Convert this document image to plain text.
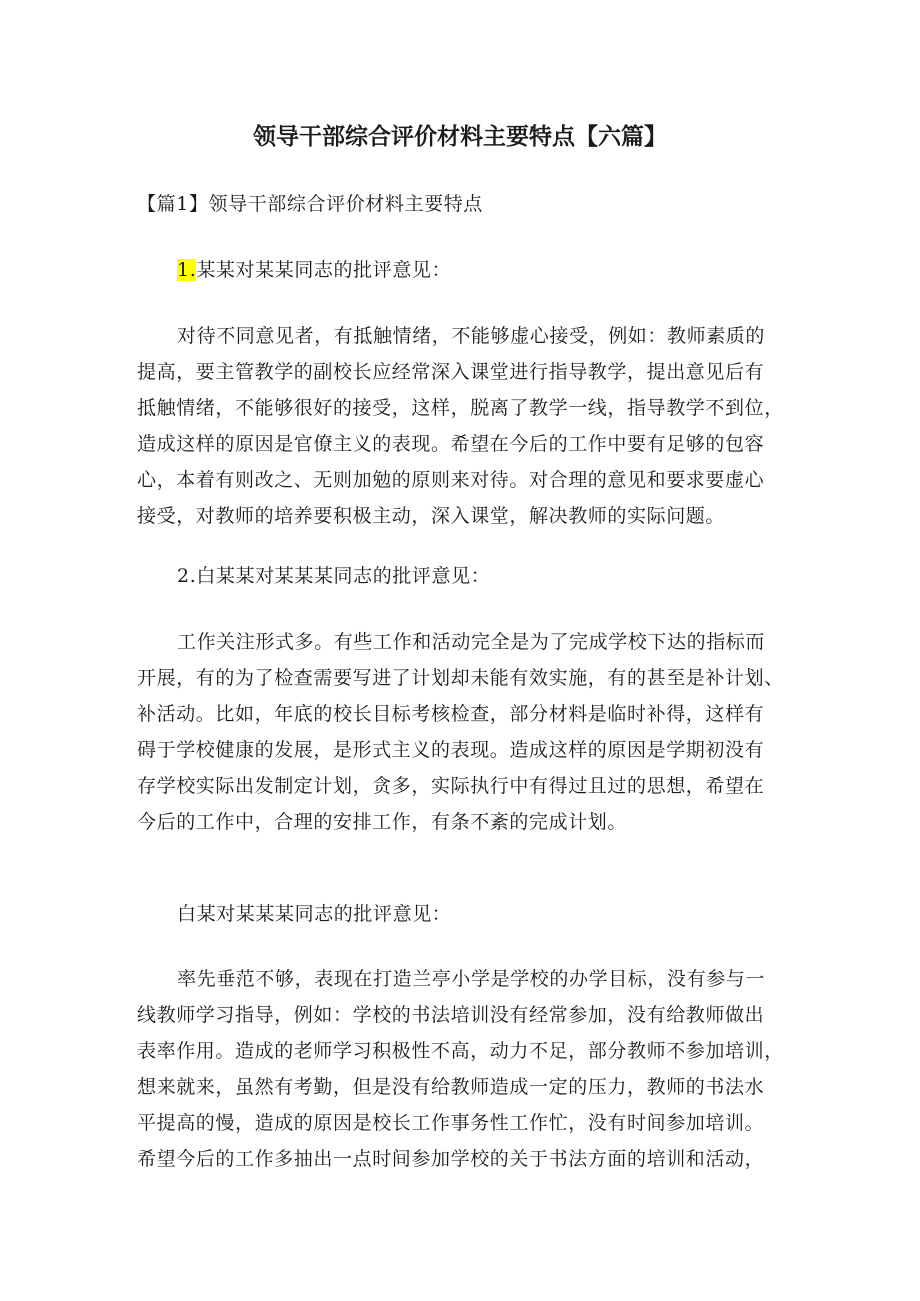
领导干部综合评价材料主要特点【六篇】
【篇1】领导干部综合评价材料主要特点
1.某某对某某同志的批评意见：
对待不同意见者，有抵触情绪，不能够虚心接受，例如：教师素质的
提高，要主管教学的副校长应经常深入课堂进行指导教学，提出意见后有
抵触情绪，不能够很好的接受，这样，脱离了教学一线，指导教学不到位，
造成这样的原因是官僚主义的表现。希望在今后的工作中要有足够的包容
心，本着有则改之、无则加勉的原则来对待。对合理的意见和要求要虚心
接受，对教师的培养要积极主动，深入课堂，解决教师的实际问题。
2.白某某对某某某同志的批评意见：
工作关注形式多。有些工作和活动完全是为了完成学校下达的指标而
开展，有的为了检查需要写进了计划却未能有效实施，有的甚至是补计划、
补活动。比如，年底的校长目标考核检查，部分材料是临时补得，这样有
碍于学校健康的发展，是形式主义的表现。造成这样的原因是学期初没有
存学校实际出发制定计划，贪多，实际执行中有得过且过的思想，希望在
今后的工作中，合理的安排工作，有条不紊的完成计划。
白某对某某某同志的批评意见：
率先垂范不够，表现在打造兰亭小学是学校的办学目标，没有参与一
线教师学习指导，例如：学校的书法培训没有经常参加，没有给教师做出
表率作用。造成的老师学习积极性不高，动力不足，部分教师不参加培训，
想来就来，虽然有考勤，但是没有给教师造成一定的压力，教师的书法水
平提高的慢，造成的原因是校长工作事务性工作忙，没有时间参加培训。
希望今后的工作多抽出一点时间参加学校的关于书法方面的培训和活动，
